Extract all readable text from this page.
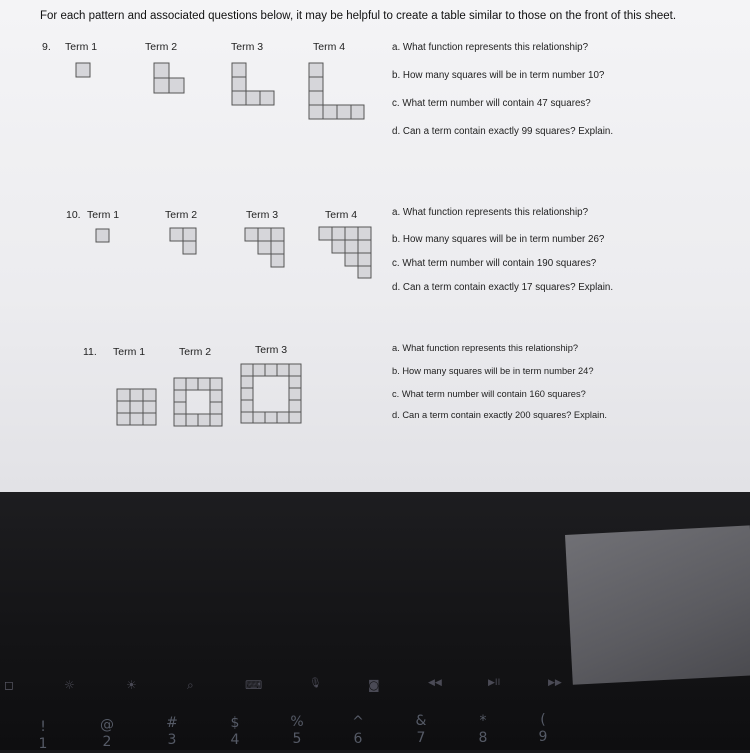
For each pattern and associated questions below, it may be helpful to create a table similar to those on the front of this sheet.
9. Term 1	Term 2	Term 3	Term 4	a. What function represents this relationship?
b. How many squares will be in term number 10?
c. What term number will contain 47 squares?
d. Can a term contain exactly 99 squares? Explain.
10. Term 1	Term 2	Term 3	Term 4	a. What function represents this relationship?
b. How many squares will be in term number 26?
c. What term number will contain 190 squares?
d. Can a term contain exactly 17 squares? Explain.
11. Term 1	Term 2	Term 3	a. What function represents this relationship?
b. How many squares will be in term number 24?
c. What term number will contain 160 squares?
d. Can a term contain exactly 200 squares? Explain.
◻	☼	☀	⌕	⌨	🎙	◙	◀◀	▶II	▶▶
!
1
@
2
#
3
$
4
%
5
^
6
&
7
*
8
(
9
